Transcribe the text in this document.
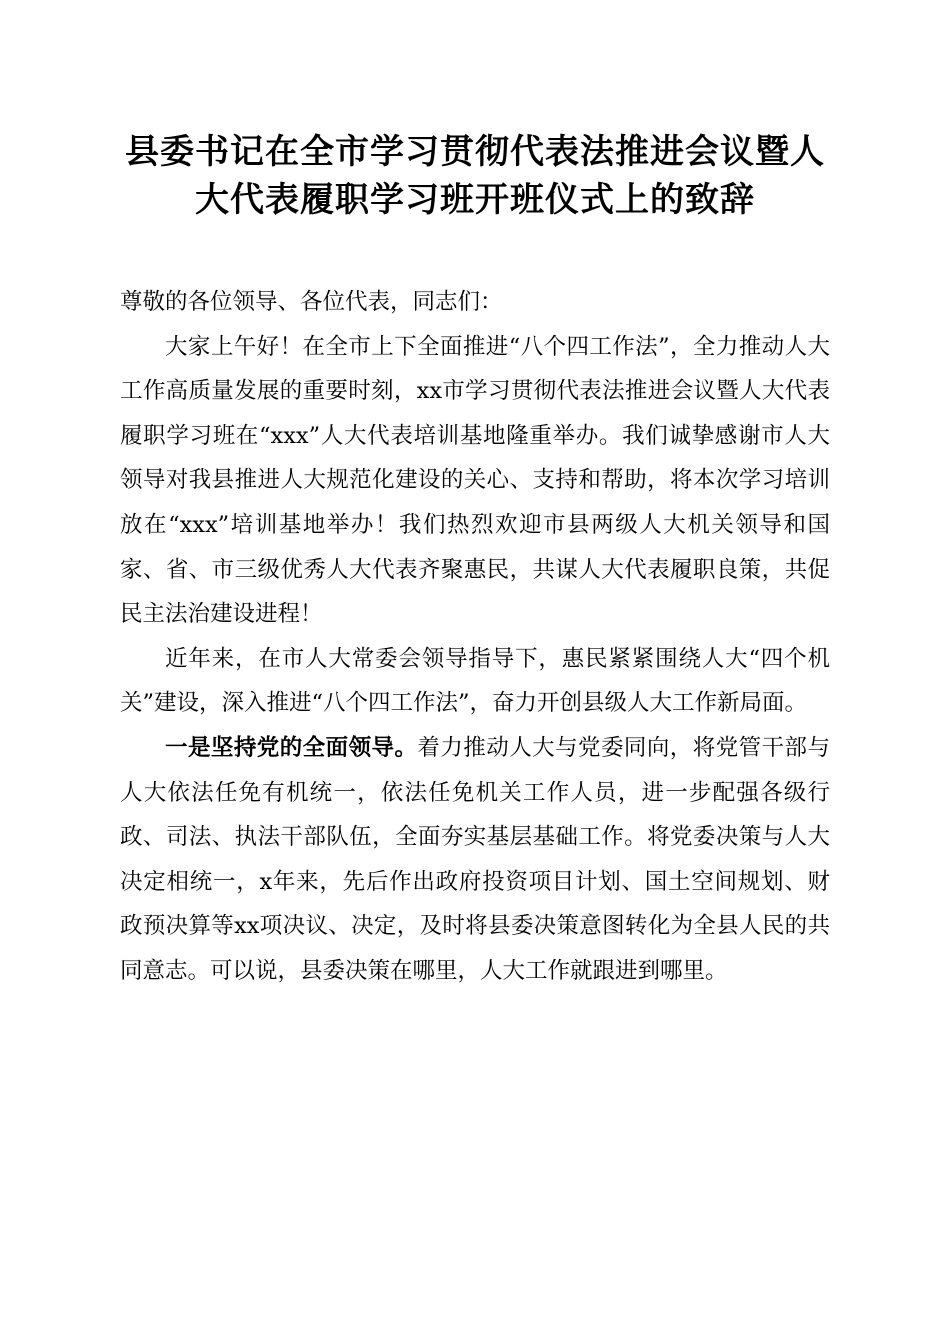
县委书记在全市学习贯彻代表法推进会议暨人大代表履职学习班开班仪式上的致辞

尊敬的各位领导、各位代表，同志们：

大家上午好！在全市上下全面推进“八个四工作法”，全力推动人大工作高质量发展的重要时刻，xx市学习贯彻代表法推进会议暨人大代表履职学习班在“xxx”人大代表培训基地隆重举办。我们诚挚感谢市人大领导对我县推进人大规范化建设的关心、支持和帮助，将本次学习培训放在“xxx”培训基地举办！我们热烈欢迎市县两级人大机关领导和国家、省、市三级优秀人大代表齐聚惠民，共谋人大代表履职良策，共促民主法治建设进程！

近年来，在市人大常委会领导指导下，惠民紧紧围绕人大“四个机关”建设，深入推进“八个四工作法”，奋力开创县级人大工作新局面。

一是坚持党的全面领导。着力推动人大与党委同向，将党管干部与人大依法任免有机统一，依法任免机关工作人员，进一步配强各级行政、司法、执法干部队伍，全面夯实基层基础工作。将党委决策与人大决定相统一，x年来，先后作出政府投资项目计划、国土空间规划、财政预决算等xx项决议、决定，及时将县委决策意图转化为全县人民的共同意志。可以说，县委决策在哪里，人大工作就跟进到哪里。
